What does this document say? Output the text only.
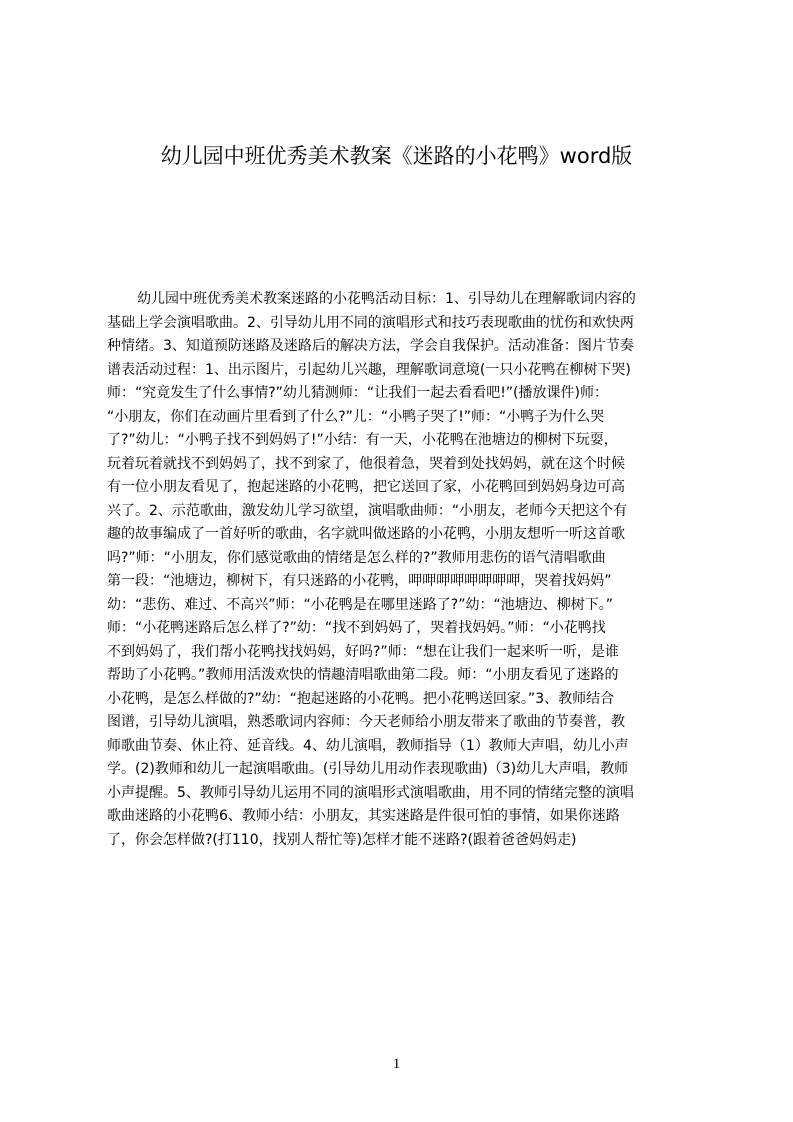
幼儿园中班优秀美术教案《迷路的小花鸭》word版
幼儿园中班优秀美术教案迷路的小花鸭活动目标：1、引导幼儿在理解歌词内容的
基础上学会演唱歌曲。2、引导幼儿用不同的演唱形式和技巧表现歌曲的忧伤和欢快两
种情绪。3、知道预防迷路及迷路后的解决方法，学会自我保护。活动准备：图片节奏
谱表活动过程：1、出示图片，引起幼儿兴趣，理解歌词意境(一只小花鸭在柳树下哭)
师：“究竟发生了什么事情?”幼儿猜测师：“让我们一起去看看吧!”(播放课件)师：
“小朋友，你们在动画片里看到了什么?”儿：“小鸭子哭了!”师：“小鸭子为什么哭
了?”幼儿：“小鸭子找不到妈妈了!”小结：有一天，小花鸭在池塘边的柳树下玩耍，
玩着玩着就找不到妈妈了，找不到家了，他很着急，哭着到处找妈妈，就在这个时候
有一位小朋友看见了，抱起迷路的小花鸭，把它送回了家，小花鸭回到妈妈身边可高
兴了。2、示范歌曲，激发幼儿学习欲望，演唱歌曲师：“小朋友，老师今天把这个有
趣的故事编成了一首好听的歌曲，名字就叫做迷路的小花鸭，小朋友想听一听这首歌
吗?”师：“小朋友，你们感觉歌曲的情绪是怎么样的?”教师用悲伤的语气清唱歌曲
第一段：“池塘边，柳树下，有只迷路的小花鸭，呷呷呷呷呷呷呷呷，哭着找妈妈”
幼：“悲伤、难过、不高兴”师：“小花鸭是在哪里迷路了?”幼：“池塘边、柳树下。”
师：“小花鸭迷路后怎么样了?”幼：“找不到妈妈了，哭着找妈妈。”师：“小花鸭找
不到妈妈了，我们帮小花鸭找找妈妈，好吗?”师：“想在让我们一起来听一听，是谁
帮助了小花鸭。”教师用活泼欢快的情趣清唱歌曲第二段。师：“小朋友看见了迷路的
小花鸭，是怎么样做的?”幼：“抱起迷路的小花鸭。把小花鸭送回家。”3、教师结合
图谱，引导幼儿演唱，熟悉歌词内容师：今天老师给小朋友带来了歌曲的节奏普，教
师歌曲节奏、休止符、延音线。4、幼儿演唱，教师指导（1）教师大声唱，幼儿小声
学。(2)教师和幼儿一起演唱歌曲。(引导幼儿用动作表现歌曲)（3)幼儿大声唱，教师
小声提醒。5、教师引导幼儿运用不同的演唱形式演唱歌曲，用不同的情绪完整的演唱
歌曲迷路的小花鸭6、教师小结：小朋友，其实迷路是件很可怕的事情，如果你迷路
了，你会怎样做?(打110，找别人帮忙等)怎样才能不迷路?(跟着爸爸妈妈走)
1
